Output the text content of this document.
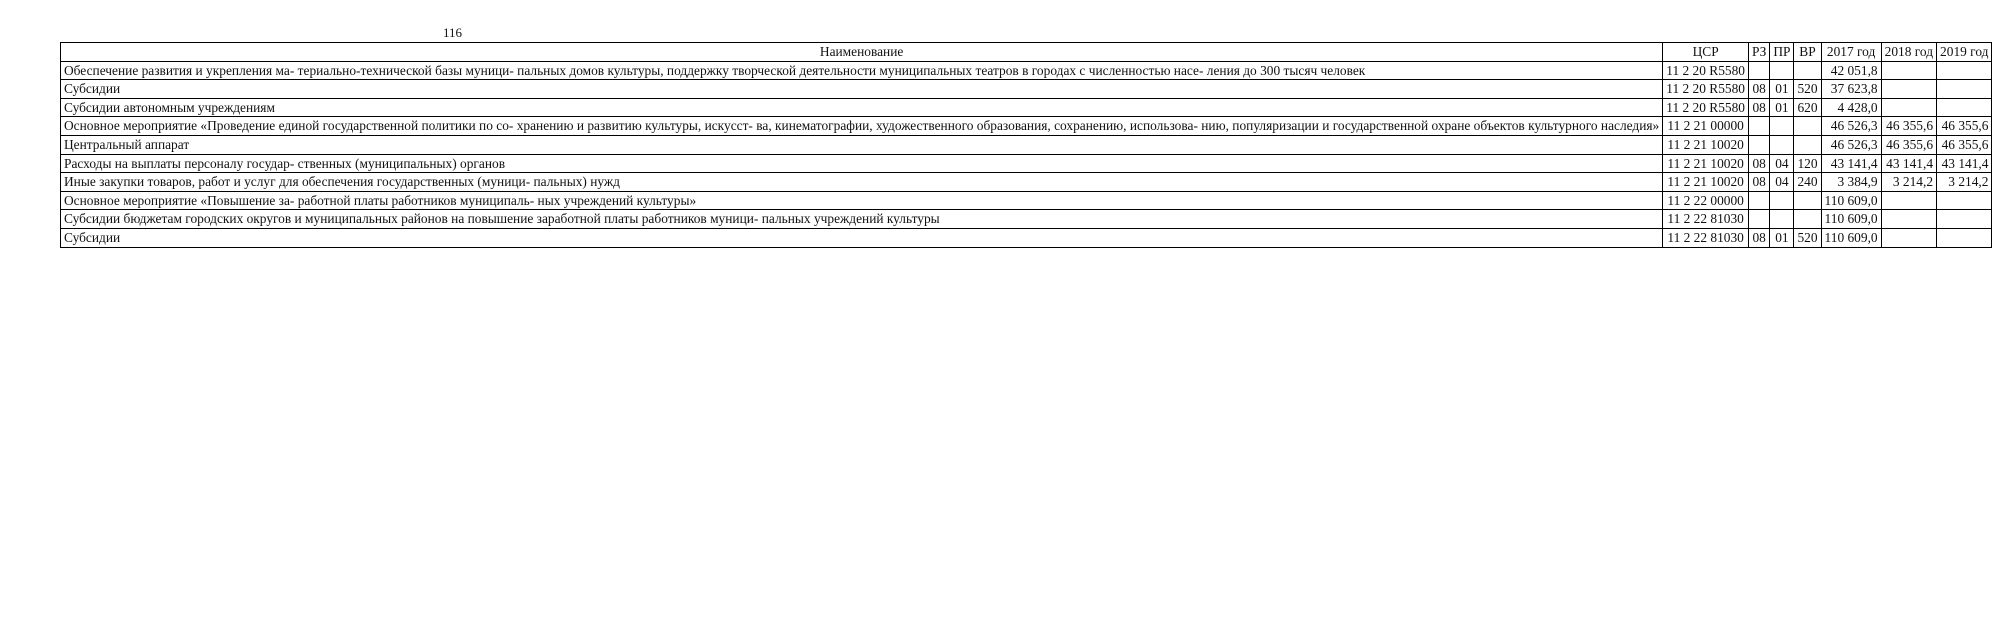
116
Наименование	ЦСР	РЗ	ПР	ВР	2017 год	2018 год	2019 год
Обеспечение развития и укрепления ма- териально-технической базы муници- пальных домов культуры, поддержку творческой деятельности муниципальных театров в городах с численностью насе- ления до 300 тысяч человек	11 2 20 R5580				42 051,8		
Субсидии	11 2 20 R5580	08	01	520	37 623,8		
Субсидии автономным учреждениям	11 2 20 R5580	08	01	620	4 428,0		
Основное мероприятие «Проведение единой государственной политики по со- хранению и развитию культуры, искусст- ва, кинематографии, художественного образования, сохранению, использова- нию, популяризации и государственной охране объектов культурного наследия»	11 2 21 00000				46 526,3	46 355,6	46 355,6
Центральный аппарат	11 2 21 10020				46 526,3	46 355,6	46 355,6
Расходы на выплаты персоналу государ- ственных (муниципальных) органов	11 2 21 10020	08	04	120	43 141,4	43 141,4	43 141,4
Иные закупки товаров, работ и услуг для обеспечения государственных (муници- пальных) нужд	11 2 21 10020	08	04	240	3 384,9	3 214,2	3 214,2
Основное мероприятие «Повышение за- работной платы работников муниципаль- ных учреждений культуры»	11 2 22 00000				110 609,0		
Субсидии бюджетам городских округов и муниципальных районов на повышение заработной платы работников муници- пальных учреждений культуры	11 2 22 81030				110 609,0		
Субсидии	11 2 22 81030	08	01	520	110 609,0		
